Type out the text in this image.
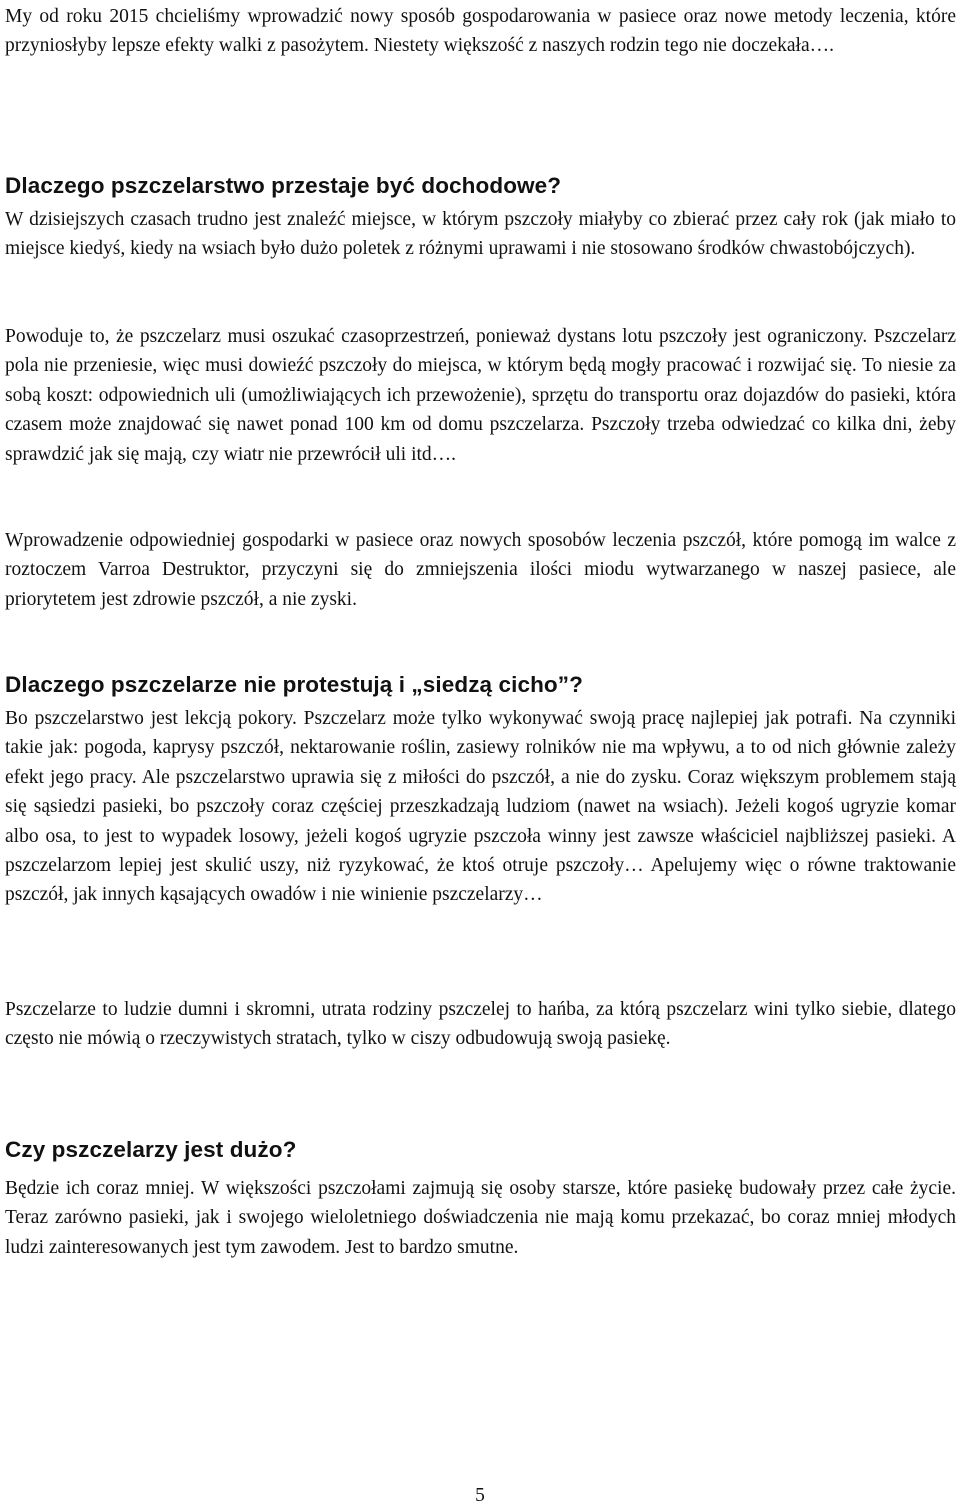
My od roku 2015 chcieliśmy wprowadzić nowy sposób gospodarowania w pasiece oraz nowe metody leczenia, które przyniosłyby lepsze efekty walki z pasożytem. Niestety większość z naszych rodzin tego nie doczekała….

Dlaczego pszczelarstwo przestaje być dochodowe?

W dzisiejszych czasach trudno jest znaleźć miejsce, w którym pszczoły miałyby co zbierać przez cały rok (jak miało to miejsce kiedyś, kiedy na wsiach było dużo poletek z różnymi uprawami i nie stosowano środków chwastobójczych).

Powoduje to, że pszczelarz musi oszukać czasoprzestrzeń, ponieważ dystans lotu pszczoły jest ograniczony. Pszczelarz pola nie przeniesie, więc musi dowieźć pszczoły do miejsca, w którym będą mogły pracować i rozwijać się. To niesie za sobą koszt: odpowiednich uli (umożliwiających ich przewożenie), sprzętu do transportu oraz dojazdów do pasieki, która czasem może znajdować się nawet ponad 100 km od domu pszczelarza. Pszczoły trzeba odwiedzać co kilka dni, żeby sprawdzić jak się mają, czy wiatr nie przewrócił uli itd….

Wprowadzenie odpowiedniej gospodarki w pasiece oraz nowych sposobów leczenia pszczół, które pomogą im walce z roztoczem Varroa Destruktor, przyczyni się do zmniejszenia ilości miodu wytwarzanego w naszej pasiece, ale priorytetem jest zdrowie pszczół, a nie zyski.

Dlaczego pszczelarze nie protestują i „siedzą cicho”?

Bo pszczelarstwo jest lekcją pokory. Pszczelarz może tylko wykonywać swoją pracę najlepiej jak potrafi. Na czynniki takie jak: pogoda, kaprysy pszczół, nektarowanie roślin, zasiewy rolników nie ma wpływu, a to od nich głównie zależy efekt jego pracy. Ale pszczelarstwo uprawia się z miłości do pszczół, a nie do zysku. Coraz większym problemem stają się sąsiedzi pasieki, bo pszczoły coraz częściej przeszkadzają ludziom (nawet na wsiach). Jeżeli kogoś ugryzie komar albo osa, to jest to wypadek losowy, jeżeli kogoś ugryzie pszczoła winny jest zawsze właściciel najbliższej pasieki. A pszczelarzom lepiej jest skulić uszy, niż ryzykować, że ktoś otruje pszczoły… Apelujemy więc o równe traktowanie pszczół, jak innych kąsających owadów i nie winienie pszczelarzy…

Pszczelarze to ludzie dumni i skromni, utrata rodziny pszczelej to hańba, za którą pszczelarz wini tylko siebie, dlatego często nie mówią o rzeczywistych stratach, tylko w ciszy odbudowują swoją pasiekę.

Czy pszczelarzy jest dużo?

Będzie ich coraz mniej. W większości pszczołami zajmują się osoby starsze, które pasiekę budowały przez całe życie. Teraz zarówno pasieki, jak i swojego wieloletniego doświadczenia nie mają komu przekazać, bo coraz mniej młodych ludzi zainteresowanych jest tym zawodem. Jest to bardzo smutne.

5
